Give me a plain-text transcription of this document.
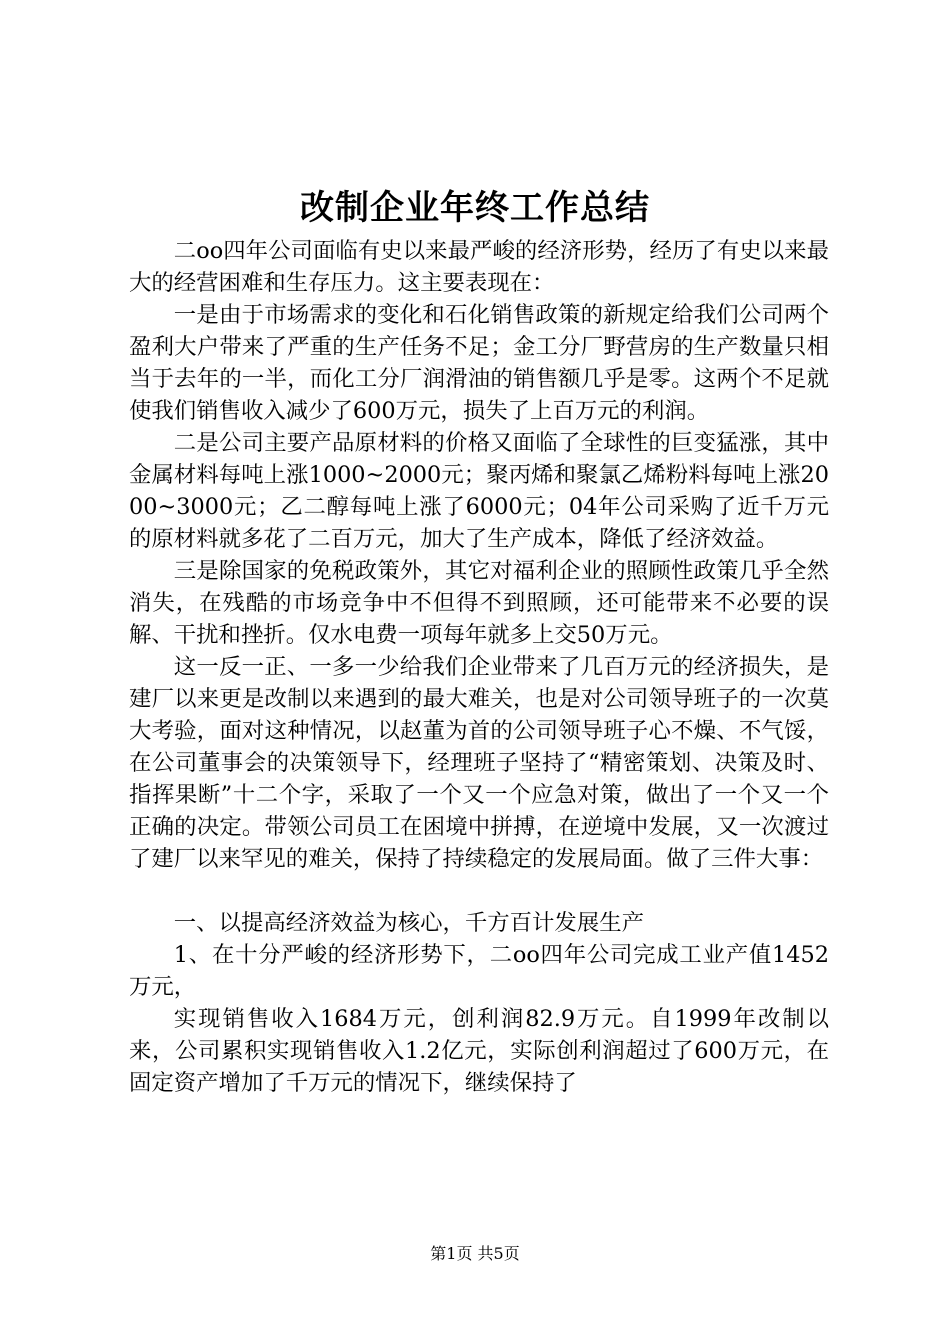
改制企业年终工作总结

二oo四年公司面临有史以来最严峻的经济形势，经历了有史以来最大的经营困难和生存压力。这主要表现在：

一是由于市场需求的变化和石化销售政策的新规定给我们公司两个盈利大户带来了严重的生产任务不足；金工分厂野营房的生产数量只相当于去年的一半，而化工分厂润滑油的销售额几乎是零。这两个不足就使我们销售收入减少了600万元，损失了上百万元的利润。

二是公司主要产品原材料的价格又面临了全球性的巨变猛涨，其中金属材料每吨上涨1000~2000元；聚丙烯和聚氯乙烯粉料每吨上涨2000~3000元；乙二醇每吨上涨了6000元；04年公司采购了近千万元的原材料就多花了二百万元，加大了生产成本，降低了经济效益。

三是除国家的免税政策外，其它对福利企业的照顾性政策几乎全然消失，在残酷的市场竞争中不但得不到照顾，还可能带来不必要的误解、干扰和挫折。仅水电费一项每年就多上交50万元。

这一反一正、一多一少给我们企业带来了几百万元的经济损失，是建厂以来更是改制以来遇到的最大难关，也是对公司领导班子的一次莫大考验，面对这种情况，以赵董为首的公司领导班子心不燥、不气馁，在公司董事会的决策领导下，经理班子坚持了“精密策划、决策及时、指挥果断”十二个字，采取了一个又一个应急对策，做出了一个又一个正确的决定。带领公司员工在困境中拼搏，在逆境中发展，又一次渡过了建厂以来罕见的难关，保持了持续稳定的发展局面。做了三件大事：

一、以提高经济效益为核心，千方百计发展生产

1、在十分严峻的经济形势下，二oo四年公司完成工业产值1452万元，

实现销售收入1684万元，创利润82.9万元。自1999年改制以来，公司累积实现销售收入1.2亿元，实际创利润超过了600万元，在固定资产增加了千万元的情况下，继续保持了

第1页 共5页
